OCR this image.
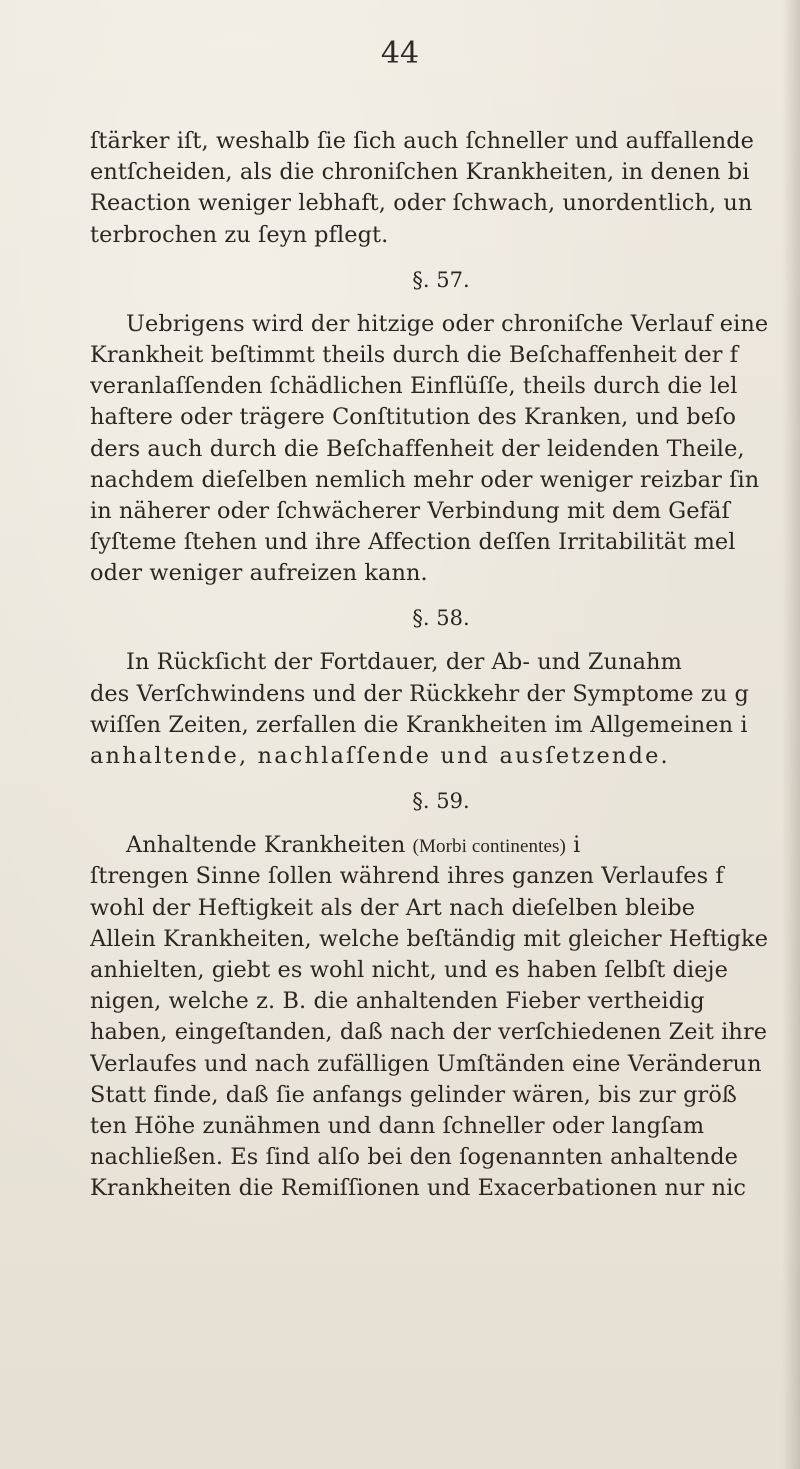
44
ſtärker iſt, weshalb ſie ſich auch ſchneller und auffallende
entſcheiden, als die chroniſchen Krankheiten, in denen bi
Reaction weniger lebhaft, oder ſchwach, unordentlich, un
terbrochen zu ſeyn pflegt.
§. 57.
Uebrigens wird der hitzige oder chroniſche Verlauf eine
Krankheit beſtimmt theils durch die Beſchaffenheit der f
veranlaſſenden ſchädlichen Einflüſſe, theils durch die lel
haftere oder trägere Conſtitution des Kranken, und beſo
ders auch durch die Beſchaffenheit der leidenden Theile,
nachdem dieſelben nemlich mehr oder weniger reizbar ſin
in näherer oder ſchwächerer Verbindung mit dem Gefäſ
ſyſteme ſtehen und ihre Affection deſſen Irritabilität mel
oder weniger aufreizen kann.
§. 58.
In Rückſicht der Fortdauer, der Ab- und Zunahm
des Verſchwindens und der Rückkehr der Symptome zu g
wiſſen Zeiten, zerfallen die Krankheiten im Allgemeinen i
anhaltende, nachlaſſende und ausſetzende.
§. 59.
Anhaltende Krankheiten (Morbi continentes) i
ſtrengen Sinne ſollen während ihres ganzen Verlaufes f
wohl der Heftigkeit als der Art nach dieſelben bleibe
Allein Krankheiten, welche beſtändig mit gleicher Heftigke
anhielten, giebt es wohl nicht, und es haben ſelbſt dieje
nigen, welche z. B. die anhaltenden Fieber vertheidig
haben, eingeſtanden, daß nach der verſchiedenen Zeit ihre
Verlaufes und nach zufälligen Umſtänden eine Veränderun
Statt finde, daß ſie anfangs gelinder wären, bis zur größ
ten Höhe zunähmen und dann ſchneller oder langſam
nachließen. Es ſind alſo bei den ſogenannten anhaltende
Krankheiten die Remiſſionen und Exacerbationen nur nic
